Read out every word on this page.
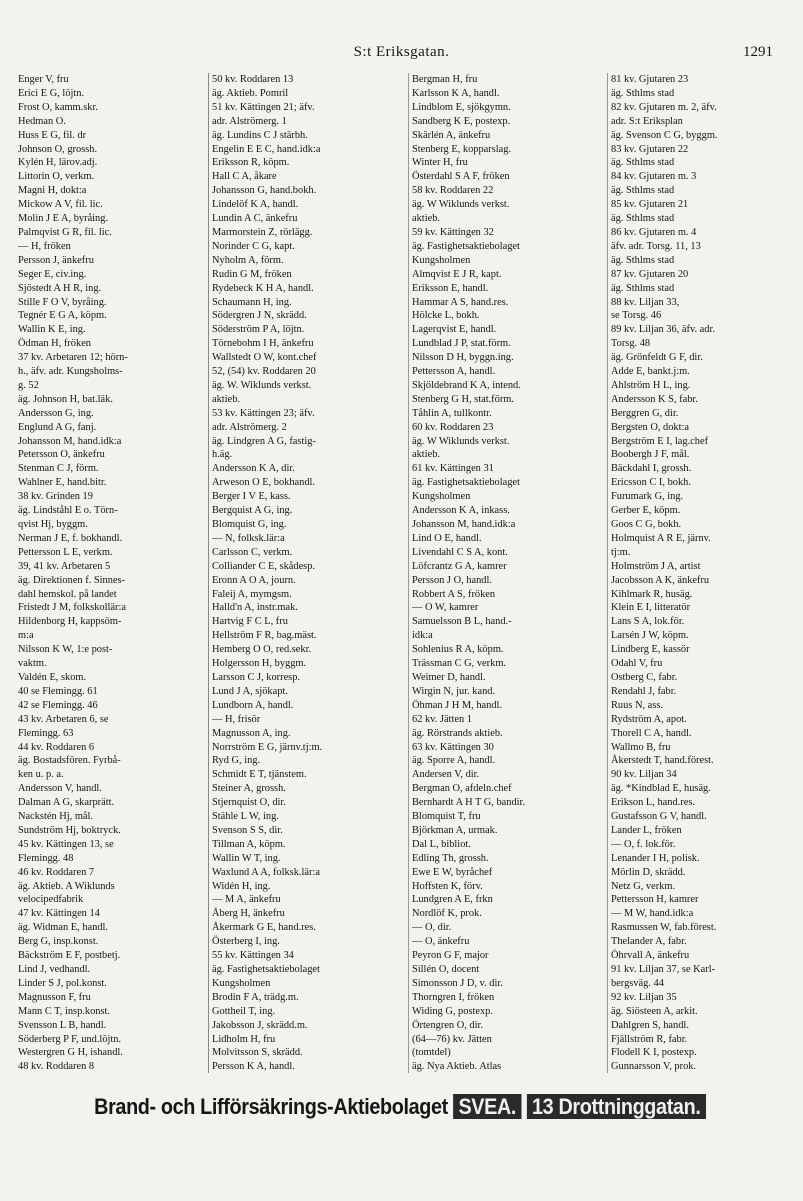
S:t Eriksgatan.	1291
Enger V, fru
Erici E G, löjtn.
Frost O, kamm.skr.
Hedman O.
Huss E G, fil. dr
Johnson O, grossh.
Kylén H, lärov.adj.
Littorin O, verkm.
Magni H, dokt:a
Mickow A V, fil. lic.
Molin J E A, byråing.
Palmqvist G R, fil. lic.
— H, fröken
Persson J, änkefru
Seger E, civ.ing.
Sjöstedt A H R, ing.
Stille F O V, byråing.
Tegnér E G A, köpm.
Wallin K E, ing.
Ödman H, fröken
37 kv. Arbetaren 12; hörn-
h., äfv. adr. Kungsholms-
g. 52
äg. Johnson H, bat.läk.
Andersson G, ing.
Englund A G, fanj.
Johansson M, hand.idk:a
Petersson O, änkefru
Stenman C J, förm.
Wahlner E, hand.bitr.
38 kv. Grinden 19
äg. Lindståhl E o. Törn-
qvist Hj, byggm.
Nerman J E, f. bokhandl.
Pettersson L E, verkm.
39, 41 kv. Arbetaren 5
äg. Direktionen f. Sinnes-
dahl hemskol. på landet
Fristedt J M, folkskollär:a
Hildenborg H, kappsöm-
m:a
Nilsson K W, 1:e post-
vaktm.
Valdén E, skom.
40 se Flemingg. 61
42 se Flemingg. 46
43 kv. Arbetaren 6, se
Flemingg. 63
44 kv. Roddaren 6
äg. Bostadsfören. Fyrbå-
ken u. p. a.
Andersson V, handl.
Dalman A G, skarprätt.
Nackstén Hj, mål.
Sundström Hj, boktryck.
45 kv. Kättingen 13, se
Flemingg. 48
46 kv. Roddaren 7
äg. Aktieb. A Wiklunds
velocipedfabrik
47 kv. Kättingen 14
äg. Widman E, handl.
Berg G, insp.konst.
Bäckström E F, postbetj.
Lind J, vedhandl.
Linder S J, pol.konst.
Magnusson F, fru
Mann C T, insp.konst.
Svensson L B, handl.
Söderberg P F, und.löjtn.
Westergren G H, ishandl.
48 kv. Roddaren 8
50 kv. Roddaren 13
äg. Aktieb. Pomril
51 kv. Kättingen 21; äfv.
adr. Alströmerg. 1
äg. Lundins C J stärbh.
Engelin E E C, hand.idk:a
Eriksson R, köpm.
Hall C A, åkare
Johansson G, hand.bokh.
Lindelöf K A, handl.
Lundin A C, änkefru
Marmorstein Z, rörlägg.
Norinder C G, kapt.
Nyholm A, förm.
Rudin G M, fröken
Rydebeck K H A, handl.
Schaumann H, ing.
Södergren J N, skrädd.
Söderström P A, löjtn.
Törnebohm I H, änkefru
Wallstedt O W, kont.chef
52, (54) kv. Roddaren 20
äg. W. Wiklunds verkst.
aktieb.
53 kv. Kättingen 23; äfv.
adr. Alströmerg. 2
äg. Lindgren A G, fastig-
h.äg.
Andersson K A, dir.
Arweson O E, bokhandl.
Berger I V E, kass.
Bergquist A G, ing.
Blomquist G, ing.
— N, folksk.lär:a
Carlsson C, verkm.
Colliander C E, skådesp.
Eronn A O A, journ.
Faleij A, mymgsm.
Halld'n A, instr.mak.
Hartvig F C L, fru
Hellström F R, bag.mäst.
Hemberg O O, red.sekr.
Holgersson H, byggm.
Larsson C J, korresp.
Lund J A, sjökapt.
Lundborn A, handl.
— H, frisör
Magnusson A, ing.
Norrström E G, järnv.tj:m.
Ryd G, ing.
Schmidt E T, tjänstem.
Steiner A, grossh.
Stjernquist O, dir.
Stähle L W, ing.
Svenson S S, dir.
Tillman A, köpm.
Wallin W T, ing.
Waxlund A A, folksk.lär:a
Widén H, ing.
— M A, änkefru
Åberg H, änkefru
Åkermark G E, hand.res.
Österberg I, ing.
55 kv. Kättingen 34
äg. Fastighetsaktiebolaget
Kungsholmen
Brodin F A, trädg.m.
Gottheil T, ing.
Jakobsson J, skrädd.m.
Lidholm H, fru
Molvitsson S, skrädd.
Persson K A, handl.
Bergman H, fru
Karlsson K A, handl.
Lindblom E, sjökgymn.
Sandberg K E, postexp.
Skärlén A, änkefru
Stenberg E, kopparslag.
Winter H, fru
Österdahl S A F, fröken
58 kv. Roddaren 22
äg. W Wiklunds verkst.
aktieb.
59 kv. Kättingen 32
äg. Fastighetsaktiebolaget
Kungsholmen
Almqvist E J R, kapt.
Eriksson E, handl.
Hammar A S, hand.res.
Hölcke L, bokh.
Lagerqvist E, handl.
Lundblad J P, stat.förm.
Nilsson D H, byggn.ing.
Pettersson A, handl.
Skjöldebrand K A, intend.
Stenberg G H, stat.förm.
Tåhlin A, tullkontr.
60 kv. Roddaren 23
äg. W Wiklunds verkst.
aktieb.
61 kv. Kättingen 31
äg. Fastighetsaktiebolaget
Kungsholmen
Andersson K A, inkass.
Johansson M, hand.idk:a
Lind O E, handl.
Livendahl C S A, kont.
Löfcrantz G A, kamrer
Persson J O, handl.
Robbert A S, fröken
— O W, kamrer
Samuelsson B L, hand.-
idk:a
Sohlenius R A, köpm.
Trässman C G, verkm.
Weimer D, handl.
Wirgin N, jur. kand.
Öhman J H M, handl.
62 kv. Jätten 1
äg. Rörstrands aktieb.
63 kv. Kättingen 30
äg. Sporre A, handl.
Andersen V, dir.
Bergman O, afdeln.chef
Bernhardt A H T G, bandir.
Blomquist T, fru
Björkman A, urmak.
Dal L, bibliot.
Edling Th, grossh.
Ewe E W, byråchef
Hoffsten K, förv.
Lundgren A E, frkn
Nordlöf K, prok.
— O, dir.
— O, änkefru
Peyron G F, major
Sillén O, docent
Simonsson J D, v. dir.
Thorngren I, fröken
Widing G, postexp.
Örtengren O, dir.
(64—76) kv. Jätten
(tomtdel)
äg. Nya Aktieb. Atlas
81 kv. Gjutaren 23
äg. Sthlms stad
82 kv. Gjutaren m. 2, äfv.
adr. S:t Eriksplan
äg. Svenson C G, byggm.
83 kv. Gjutaren 22
äg. Sthlms stad
84 kv. Gjutaren m. 3
äg. Sthlms stad
85 kv. Gjutaren 21
äg. Sthlms stad
86 kv. Gjutaren m. 4
äfv. adr. Torsg. 11, 13
äg. Sthlms stad
87 kv. Gjutaren 20
äg. Sthlms stad
88 kv. Liljan 33,
se Torsg. 46
89 kv. Liljan 36, äfv. adr.
Torsg. 48
äg. Grönfeldt G F, dir.
Adde E, bankt.j:m.
Ahlström H L, ing.
Andersson K S, fabr.
Berggren G, dir.
Bergsten O, dokt:a
Bergström E I, lag.chef
Boobergh J F, mål.
Bäckdahl I, grossh.
Ericsson C I, bokh.
Furumark G, ing.
Gerber E, köpm.
Goos C G, bokh.
Holmquist A R E, järnv.
tj:m.
Holmström J A, artist
Jacobsson A K, änkefru
Kihlmark R, husäg.
Klein E I, litteratör
Lans S A, lok.för.
Larsén J W, köpm.
Lindberg E, kassör
Odahl V, fru
Ostberg C, fabr.
Rendahl J, fabr.
Ruus N, ass.
Rydström A, apot.
Thorell C A, handl.
Wallmo B, fru
Åkerstedt T, hand.förest.
90 kv. Liljan 34
äg. *Kindblad E, husäg.
Erikson L, hand.res.
Gustafsson G V, handl.
Lander L, fröken
— O, f. lok.för.
Lenander I H, polisk.
Mörlin D, skrädd.
Netz G, verkm.
Pettersson H, kamrer
— M W, hand.idk:a
Rasmussen W, fab.förest.
Thelander A, fabr.
Öhrvall A, änkefru
91 kv. Liljan 37, se Karl-
bergsväg. 44
92 kv. Liljan 35
äg. Siösteen A, arkit.
Dahlgren S, handl.
Fjällström R, fabr.
Flodell K I, postexp.
Gunnarsson V, prok.
Brand- och Lifförsäkrings-Aktiebolaget SVEA. 13 Drottninggatan.
